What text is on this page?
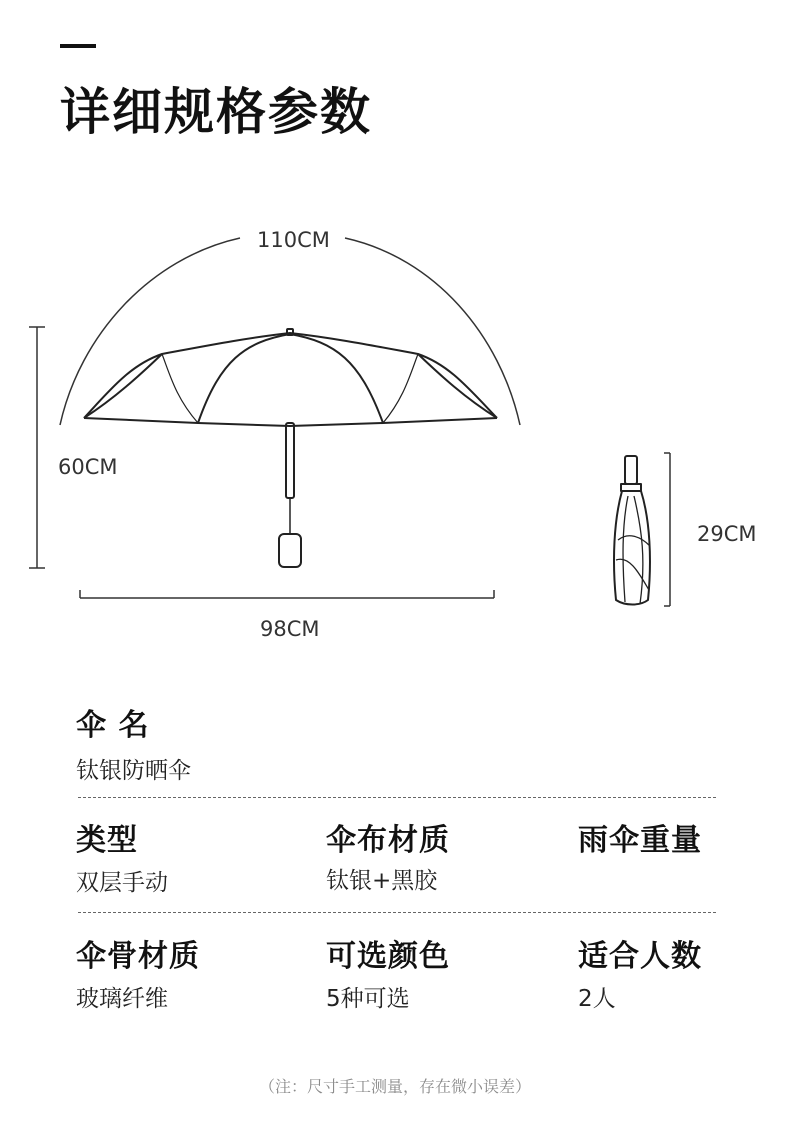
详细规格参数
110CM
60CM
98CM
29CM
伞 名
钛银防晒伞
类型
双层手动
伞布材质
钛银+黑胶
雨伞重量
伞骨材质
玻璃纤维
可选颜色
5种可选
适合人数
2人
（注：尺寸手工测量，存在微小误差）
